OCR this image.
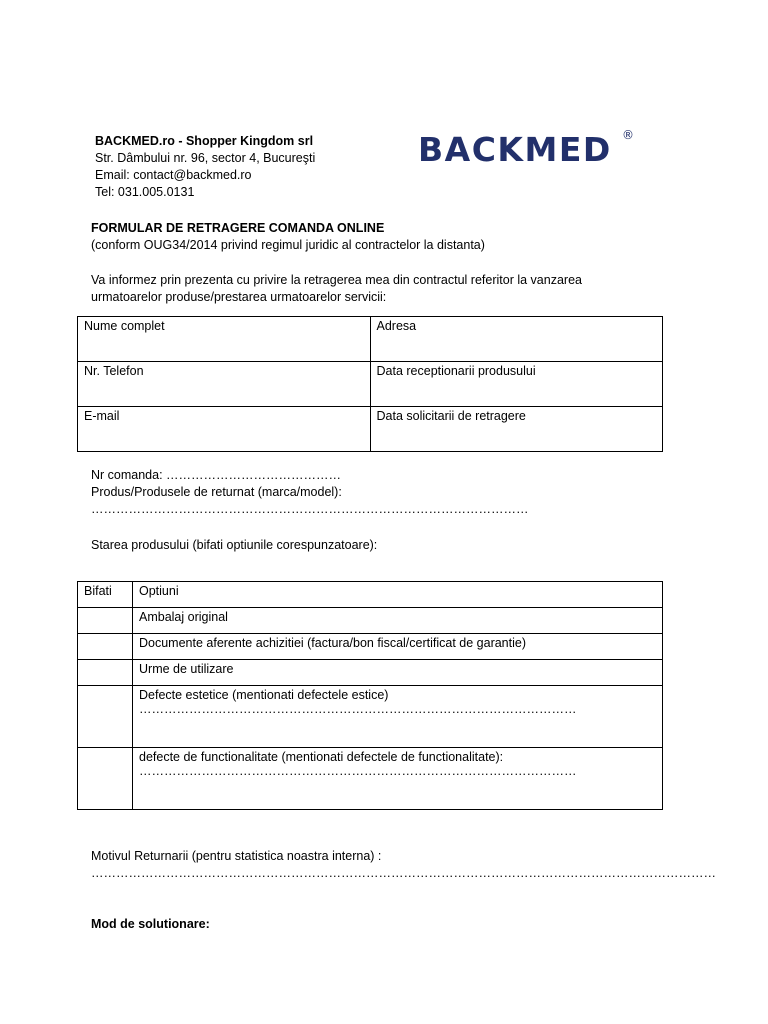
BACKMED.ro - Shopper Kingdom srl
Str. Dâmbului nr. 96, sector 4, Bucureşti
Email: contact@backmed.ro
Tel: 031.005.0131
BACKMED ®
FORMULAR DE RETRAGERE COMANDA ONLINE
(conform OUG34/2014 privind regimul juridic al contractelor la distanta)
Va informez prin prezenta cu privire la retragerea mea din contractul referitor la vanzarea
urmatoarelor produse/prestarea urmatoarelor servicii:
Nume complet	Adresa
Nr. Telefon	Data receptionarii produsului
E-mail	Data solicitarii de retragere
Nr comanda: ……………………………………
Produs/Produsele de returnat (marca/model):
……………………………………………………………………………………………
Starea produsului (bifati optiunile corespunzatoare):
Bifati	Optiuni
	Ambalaj original
	Documente aferente achizitiei (factura/bon fiscal/certificat de garantie)
	Urme de utilizare

	Defecte estetice (mentionati defectele estice)
……………………………………………………………………………………………

	defecte de functionalitate (mentionati defectele de functionalitate):
……………………………………………………………………………………………
Motivul Returnarii (pentru statistica noastra interna) :
……………………………………………………………………………………………………………………………………
Mod de solutionare:
